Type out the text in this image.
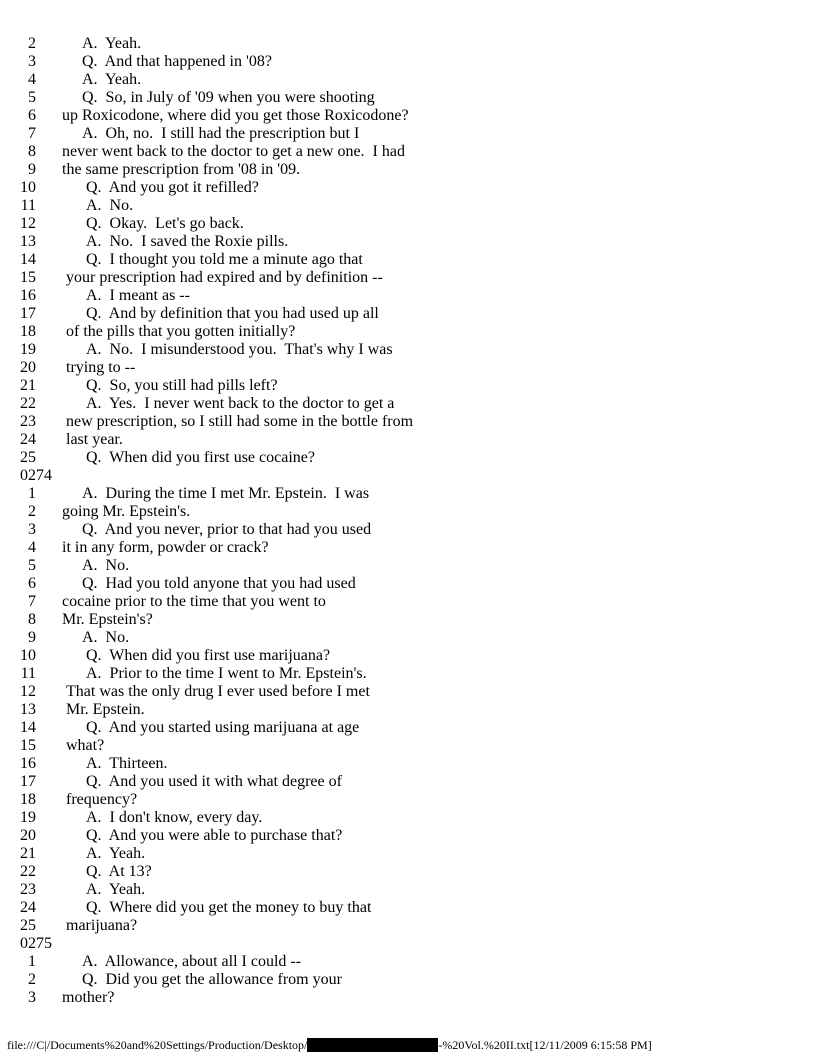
2	A.  Yeah.
3	Q.  And that happened in '08?
4	A.  Yeah.
5	Q.  So, in July of '09 when you were shooting
6 up Roxicodone, where did you get those Roxicodone?
7	A.  Oh, no.  I still had the prescription but I
8 never went back to the doctor to get a new one.  I had
9 the same prescription from '08 in '09.
10	Q.  And you got it refilled?
11	A.  No.
12	Q.  Okay.  Let's go back.
13	A.  No.  I saved the Roxie pills.
14	Q.  I thought you told me a minute ago that
15 your prescription had expired and by definition --
16	A.  I meant as --
17	Q.  And by definition that you had used up all
18 of the pills that you gotten initially?
19	A.  No.  I misunderstood you.  That's why I was
20 trying to --
21	Q.  So, you still had pills left?
22	A.  Yes.  I never went back to the doctor to get a
23 new prescription, so I still had some in the bottle from
24 last year.
25	Q.  When did you first use cocaine?
0274
1	A.  During the time I met Mr. Epstein.  I was
2 going Mr. Epstein's.
3	Q.  And you never, prior to that had you used
4 it in any form, powder or crack?
5	A.  No.
6	Q.  Had you told anyone that you had used
7 cocaine prior to the time that you went to
8 Mr. Epstein's?
9	A.  No.
10	Q.  When did you first use marijuana?
11	A.  Prior to the time I went to Mr. Epstein's.
12 That was the only drug I ever used before I met
13 Mr. Epstein.
14	Q.  And you started using marijuana at age
15 what?
16	A.  Thirteen.
17	Q.  And you used it with what degree of
18 frequency?
19	A.  I don't know, every day.
20	Q.  And you were able to purchase that?
21	A.  Yeah.
22	Q.  At 13?
23	A.  Yeah.
24	Q.  Where did you get the money to buy that
25 marijuana?
0275
1	A.  Allowance, about all I could --
2	Q.  Did you get the allowance from your
3 mother?
file:///C|/Documents%20and%20Settings/Production/Desktop/	-%20Vol.%20II.txt[12/11/2009 6:15:58 PM]
